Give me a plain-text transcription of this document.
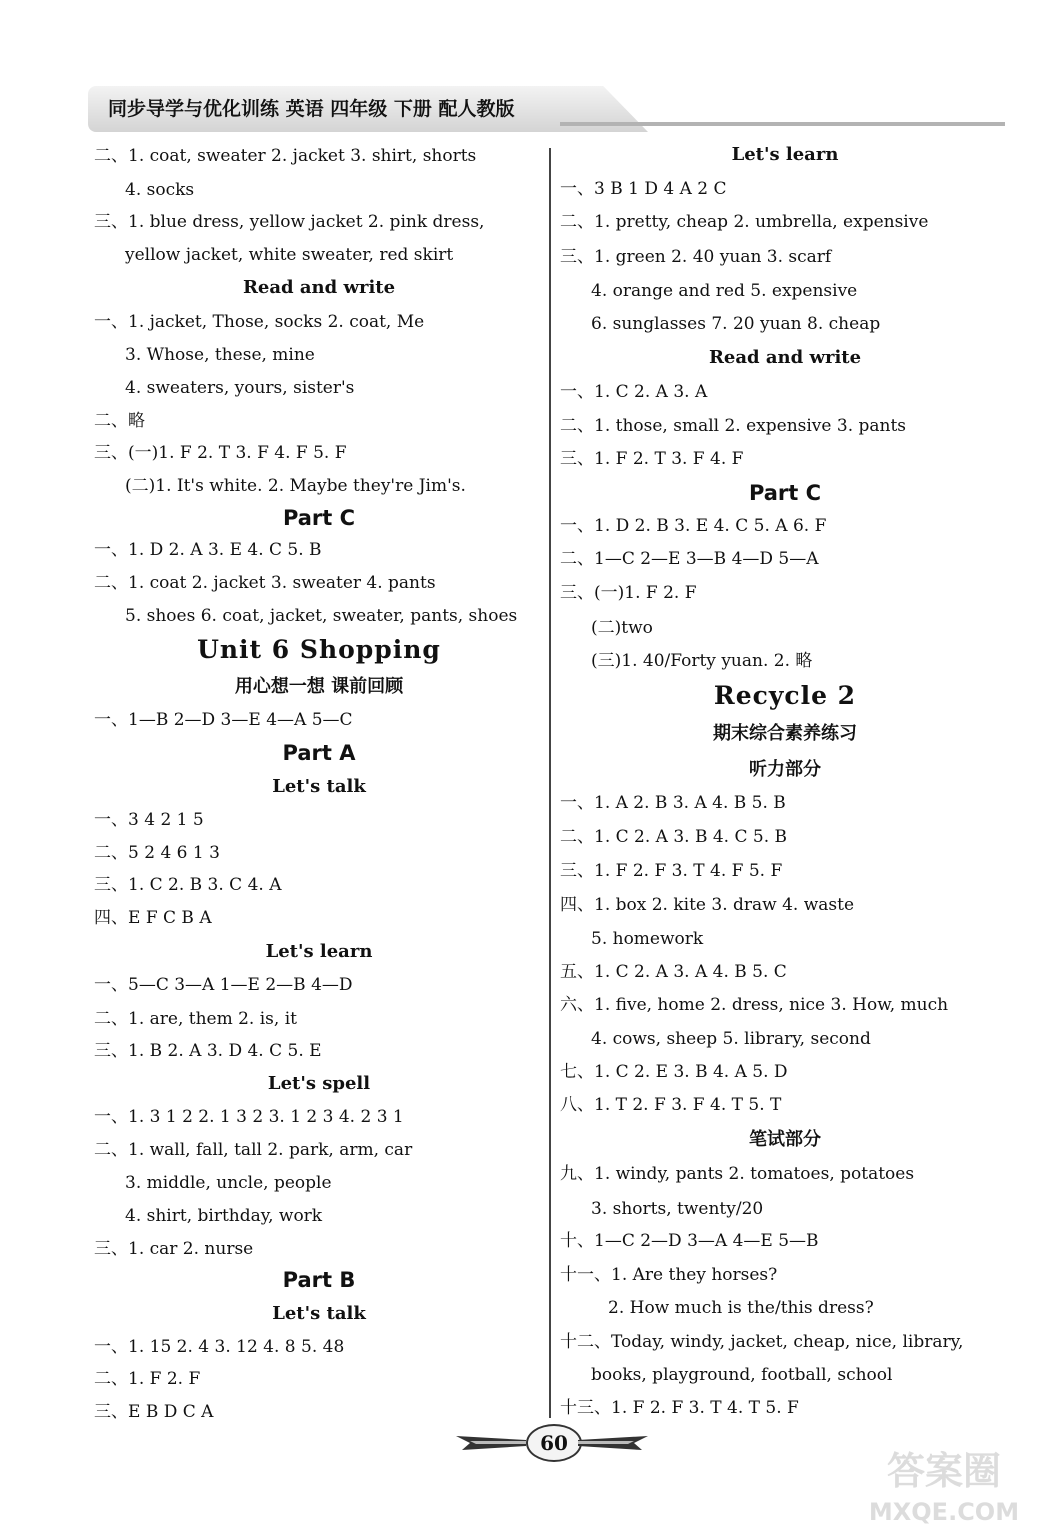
同步导学与优化训练 英语 四年级 下册 配人教版
二、1. coat, sweater 2. jacket 3. shirt, shorts
4. socks
三、1. blue dress, yellow jacket 2. pink dress,
yellow jacket, white sweater, red skirt
Read and write
一、1. jacket, Those, socks 2. coat, Me
3. Whose, these, mine
4. sweaters, yours, sister's
二、略
三、(一)1. F 2. T 3. F 4. F 5. F
(二)1. It's white. 2. Maybe they're Jim's.
Part C
一、1. D 2. A 3. E 4. C 5. B
二、1. coat 2. jacket 3. sweater 4. pants
5. shoes 6. coat, jacket, sweater, pants, shoes
Unit 6 Shopping
用心想一想 课前回顾
一、1—B 2—D 3—E 4—A 5—C
Part A
Let's talk
一、3 4 2 1 5
二、5 2 4 6 1 3
三、1. C 2. B 3. C 4. A
四、E F C B A
Let's learn
一、5—C 3—A 1—E 2—B 4—D
二、1. are, them 2. is, it
三、1. B 2. A 3. D 4. C 5. E
Let's spell
一、1. 3 1 2 2. 1 3 2 3. 1 2 3 4. 2 3 1
二、1. wall, fall, tall 2. park, arm, car
3. middle, uncle, people
4. shirt, birthday, work
三、1. car 2. nurse
Part B
Let's talk
一、1. 15 2. 4 3. 12 4. 8 5. 48
二、1. F 2. F
三、E B D C A
Let's learn
一、3 B 1 D 4 A 2 C
二、1. pretty, cheap 2. umbrella, expensive
三、1. green 2. 40 yuan 3. scarf
4. orange and red 5. expensive
6. sunglasses 7. 20 yuan 8. cheap
Read and write
一、1. C 2. A 3. A
二、1. those, small 2. expensive 3. pants
三、1. F 2. T 3. F 4. F
Part C
一、1. D 2. B 3. E 4. C 5. A 6. F
二、1—C 2—E 3—B 4—D 5—A
三、(一)1. F 2. F
(二)two
(三)1. 40/Forty yuan. 2. 略
Recycle 2
期末综合素养练习
听力部分
一、1. A 2. B 3. A 4. B 5. B
二、1. C 2. A 3. B 4. C 5. B
三、1. F 2. F 3. T 4. F 5. F
四、1. box 2. kite 3. draw 4. waste
5. homework
五、1. C 2. A 3. A 4. B 5. C
六、1. five, home 2. dress, nice 3. How, much
4. cows, sheep 5. library, second
七、1. C 2. E 3. B 4. A 5. D
八、1. T 2. F 3. F 4. T 5. T
笔试部分
九、1. windy, pants 2. tomatoes, potatoes
3. shorts, twenty/20
十、1—C 2—D 3—A 4—E 5—B
十一、1. Are they horses?
2. How much is the/this dress?
十二、Today, windy, jacket, cheap, nice, library,
books, playground, football, school
十三、1. F 2. F 3. T 4. T 5. F
60
答案圈
MXQE.COM
